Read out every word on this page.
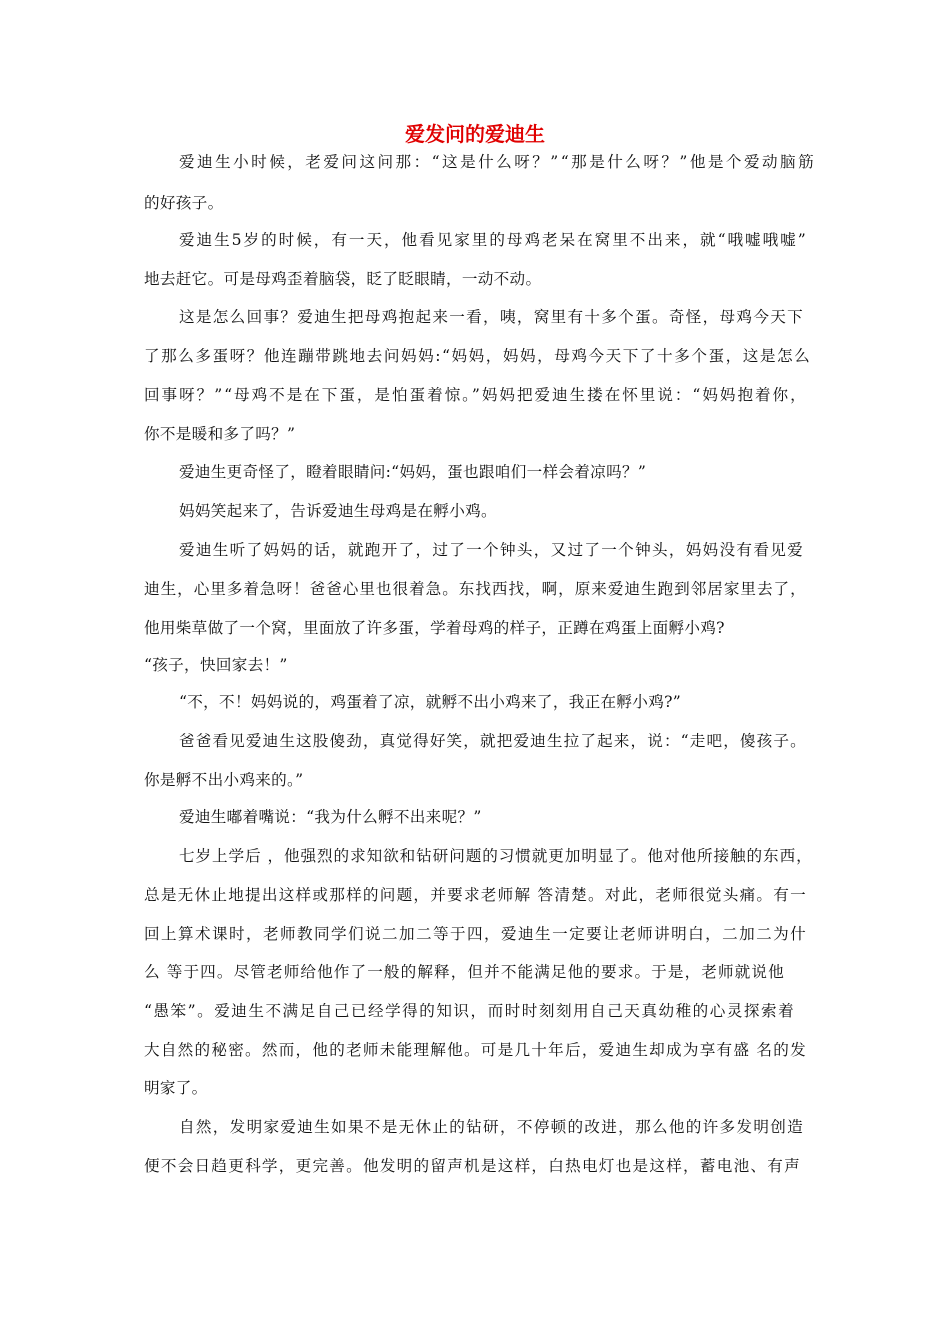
爱发问的爱迪生
爱迪生小时候，老爱问这问那：“这是什么呀？”“那是什么呀？”他是个爱动脑筋
的好孩子。
爱迪生5岁的时候，有一天，他看见家里的母鸡老呆在窝里不出来，就“哦嘘哦嘘”
地去赶它。可是母鸡歪着脑袋，眨了眨眼睛，一动不动。
这是怎么回事？爱迪生把母鸡抱起来一看，咦，窝里有十多个蛋。奇怪，母鸡今天下
了那么多蛋呀？他连蹦带跳地去问妈妈:“妈妈，妈妈，母鸡今天下了十多个蛋，这是怎么
回事呀？”“母鸡不是在下蛋，是怕蛋着惊。”妈妈把爱迪生搂在怀里说：“妈妈抱着你，
你不是暖和多了吗？”
爱迪生更奇怪了，瞪着眼睛问:“妈妈，蛋也跟咱们一样会着凉吗？”
妈妈笑起来了，告诉爱迪生母鸡是在孵小鸡。
爱迪生听了妈妈的话，就跑开了，过了一个钟头，又过了一个钟头，妈妈没有看见爱
迪生，心里多着急呀！爸爸心里也很着急。东找西找，啊，原来爱迪生跑到邻居家里去了，
他用柴草做了一个窝，里面放了许多蛋，学着母鸡的样子，正蹲在鸡蛋上面孵小鸡?
“孩子，快回家去！”
“不，不！妈妈说的，鸡蛋着了凉，就孵不出小鸡来了，我正在孵小鸡?”
爸爸看见爱迪生这股傻劲，真觉得好笑，就把爱迪生拉了起来，说：“走吧，傻孩子。
你是孵不出小鸡来的。”
爱迪生嘟着嘴说：“我为什么孵不出来呢？”
七岁上学后 ，他强烈的求知欲和钻研问题的习惯就更加明显了。他对他所接触的东西，
总是无休止地提出这样或那样的问题，并要求老师解 答清楚。对此，老师很觉头痛。有一
回上算术课时，老师教同学们说二加二等于四，爱迪生一定要让老师讲明白，二加二为什
么 等于四。尽管老师给他作了一般的解释，但并不能满足他的要求。于是，老师就说他
“愚笨”。爱迪生不满足自己已经学得的知识，而时时刻刻用自己天真幼稚的心灵探索着
大自然的秘密。然而，他的老师未能理解他。可是几十年后，爱迪生却成为享有盛 名的发
明家了。
自然，发明家爱迪生如果不是无休止的钻研，不停顿的改进，那么他的许多发明创造
便不会日趋更科学，更完善。他发明的留声机是这样，白热电灯也是这样，蓄电池、有声
